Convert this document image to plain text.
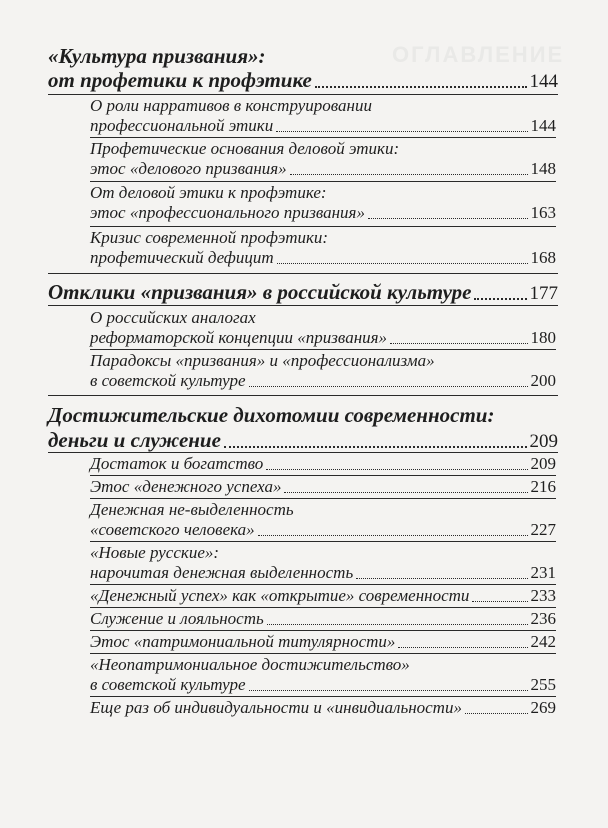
ОГЛАВЛЕНИЕ
«Культура призвания»:
от профетики к профэтике	144
О роли нарративов в конструировании
профессиональной этики	144
Профетические основания деловой этики:
этос «делового призвания»	148
От деловой этики к профэтике:
этос «профессионального призвания»	163
Кризис современной профэтики:
профетический дефицит	168
Отклики «призвания» в российской культуре	177
О российских аналогах
реформаторской концепции «призвания»	180
Парадоксы «призвания» и «профессионализма»
в советской культуре	200
Достижительские дихотомии современности:
деньги и служение	209
Достаток и богатство	209
Этос «денежного успеха»	216
Денежная не-выделенность
«советского человека»	227
«Новые русские»:
нарочитая денежная выделенность	231
«Денежный успех» как «открытие» современности	233
Служение и лояльность	236
Этос «патримониальной титулярности»	242
«Неопатримониальное достижительство»
в советской культуре	255
Еще раз об индивидуальности и «инвидиальности»	269
